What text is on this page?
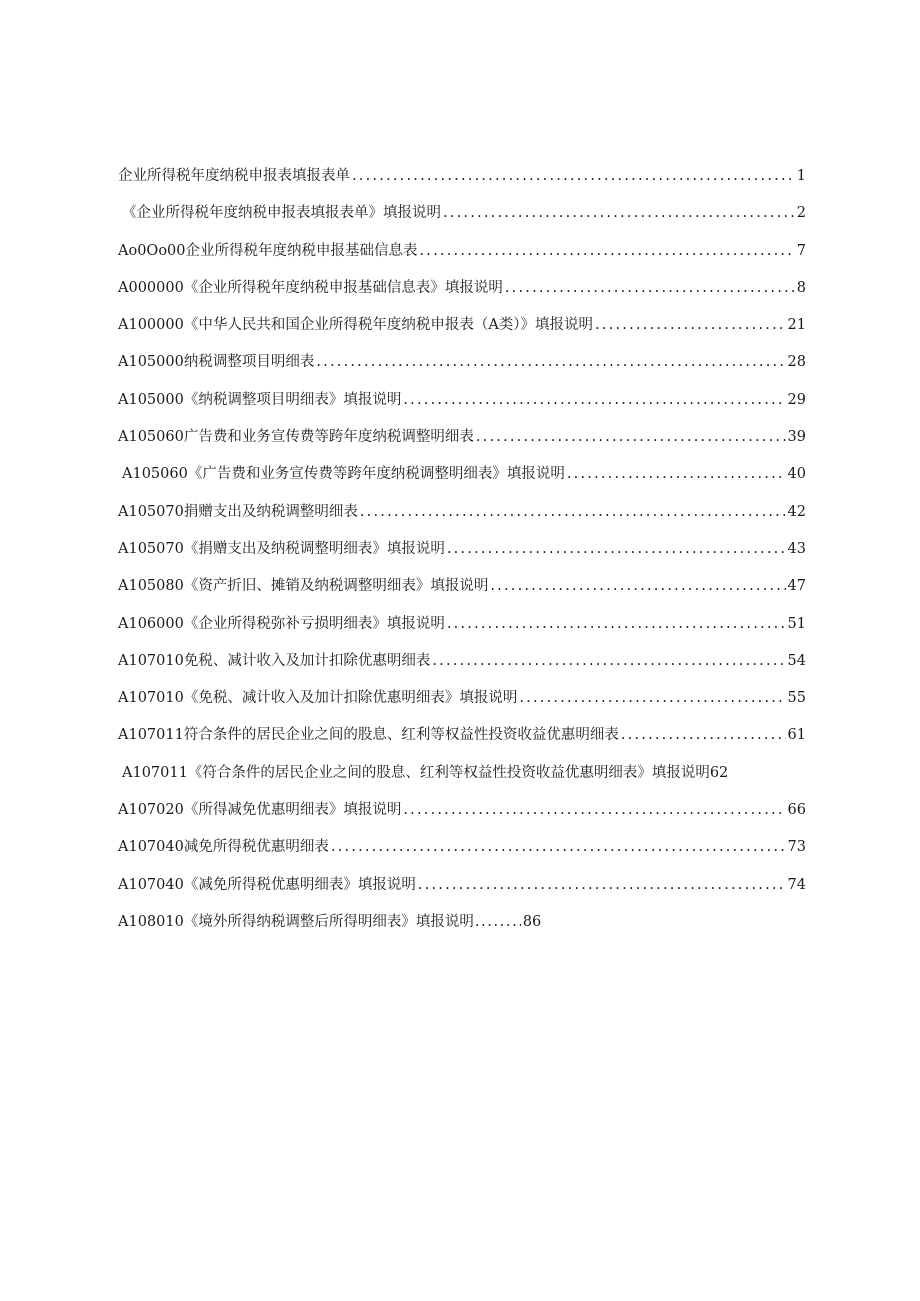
企业所得税年度纳税申报表填报表单 .....	1
《企业所得税年度纳税申报表填报表单》填报说明 .....	2
Ao0Oo00企业所得税年度纳税申报基础信息表 .....	7
A000000《企业所得税年度纳税申报基础信息表》填报说明 .....	8
A100000《中华人民共和国企业所得税年度纳税申报表（A类）》填报说明 .....	21
A105000纳税调整项目明细表 .....	28
A105000《纳税调整项目明细表》填报说明 .....	29
A105060广告费和业务宣传费等跨年度纳税调整明细表 .....	39
A105060《广告费和业务宣传费等跨年度纳税调整明细表》填报说明 .....	40
A105070捐赠支出及纳税调整明细表 .....	42
A105070《捐赠支出及纳税调整明细表》填报说明 .....	43
A105080《资产折旧、摊销及纳税调整明细表》填报说明 .....	47
A106000《企业所得税弥补亏损明细表》填报说明 .....	51
A107010免税、减计收入及加计扣除优惠明细表 .....	54
A107010《免税、减计收入及加计扣除优惠明细表》填报说明 .....	55
A107011符合条件的居民企业之间的股息、红利等权益性投资收益优惠明细表 .....	61
Α107011《符合条件的居民企业之间的股息、红利等权益性投资收益优惠明细表》填报说明 62
A107020《所得减免优惠明细表》填报说明 .....	66
A107040减免所得税优惠明细表 .....	73
A107040《减免所得税优惠明细表》填报说明 .....	74
A108010《境外所得纳税调整后所得明细表》填报说明 .....	86
